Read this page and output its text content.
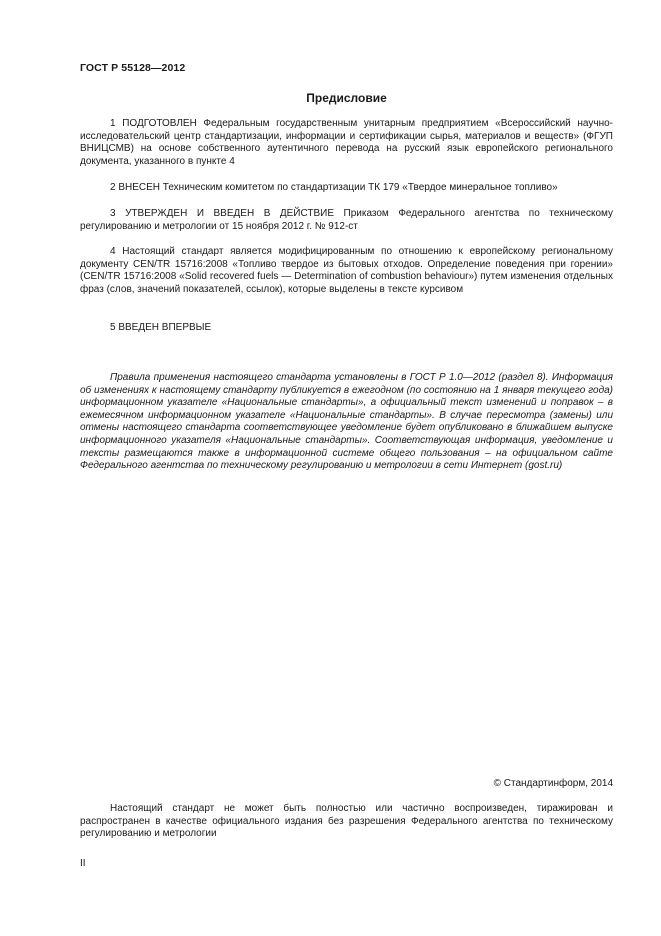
ГОСТ Р 55128—2012
Предисловие

1 ПОДГОТОВЛЕН Федеральным государственным унитарным предприятием «Всероссийский научно-исследовательский центр стандартизации, информации и сертификации сырья, материалов и веществ» (ФГУП ВНИЦСМВ) на основе собственного аутентичного перевода на русский язык европейского регионального документа, указанного в пункте 4

2 ВНЕСЕН Техническим комитетом по стандартизации ТК 179 «Твердое минеральное топливо»

3 УТВЕРЖДЕН И ВВЕДЕН В ДЕЙСТВИЕ Приказом Федерального агентства по техническому регулированию и метрологии от 15 ноября 2012 г. № 912-ст

4 Настоящий стандарт является модифицированным по отношению к европейскому региональному документу CEN/TR 15716:2008 «Топливо твердое из бытовых отходов. Определение поведения при горении» (CEN/TR 15716:2008 «Solid recovered fuels — Determination of combustion behaviour») путем изменения отдельных фраз (слов, значений показателей, ссылок), которые выделены в тексте курсивом

5 ВВЕДЕН ВПЕРВЫЕ

Правила применения настоящего стандарта установлены в ГОСТ Р 1.0—2012 (раздел 8). Информация об изменениях к настоящему стандарту публикуется в ежегодном (по состоянию на 1 января текущего года) информационном указателе «Национальные стандарты», а официальный текст изменений и поправок – в ежемесячном информационном указателе «Национальные стандарты». В случае пересмотра (замены) или отмены настоящего стандарта соответствующее уведомление будет опубликовано в ближайшем выпуске информационного указателя «Национальные стандарты». Соответствующая информация, уведомление и тексты размещаются также в информационной системе общего пользования – на официальном сайте Федерального агентства по техническому регулированию и метрологии в сети Интернет (gost.ru)

© Стандартинформ, 2014

Настоящий стандарт не может быть полностью или частично воспроизведен, тиражирован и распространен в качестве официального издания без разрешения Федерального агентства по техническому регулированию и метрологии

II
